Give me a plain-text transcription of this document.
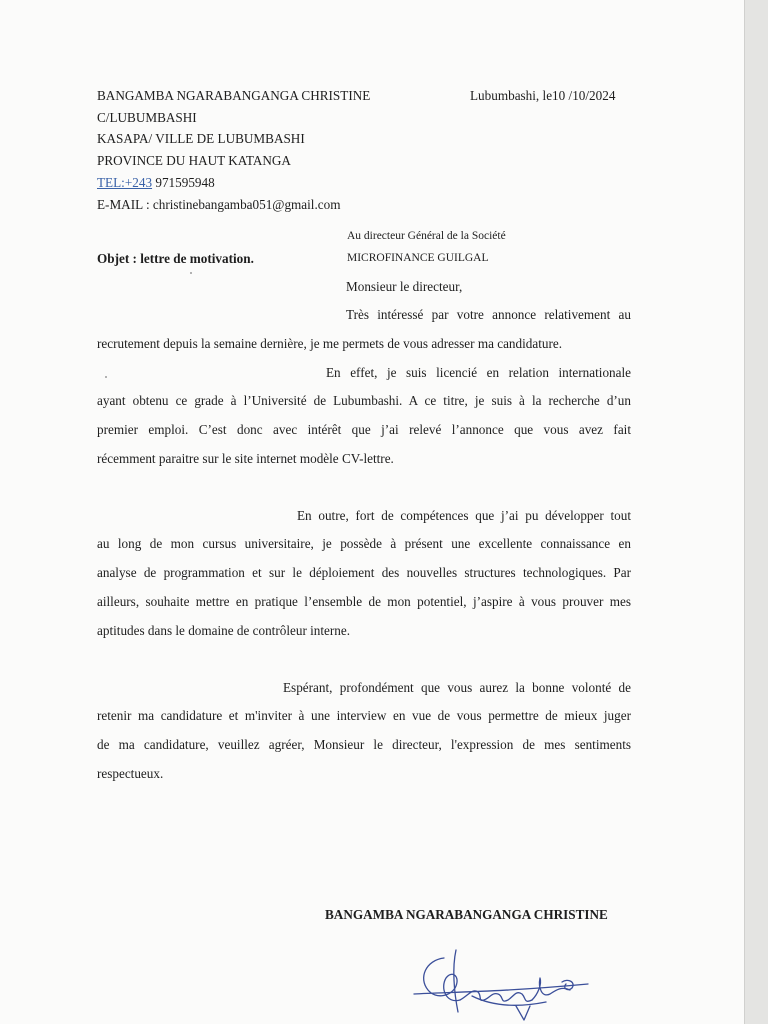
BANGAMBA NGARABANGANGA CHRISTINE
C/LUBUMBASHI
KASAPA/ VILLE DE LUBUMBASHI
PROVINCE DU HAUT KATANGA
TEL:+243 971595948
E-MAIL : christinebangamba051@gmail.com
Lubumbashi, le10 /10/2024
Au directeur Général de la Société
MICROFINANCE GUILGAL
Objet : lettre de motivation.
Monsieur le directeur,
Très intéressé par votre annonce relativement au
recrutement depuis la semaine dernière, je me permets de vous adresser ma candidature.
En effet, je suis licencié en relation internationale
ayant obtenu ce grade à l’Université de Lubumbashi. A ce titre, je suis à la recherche d’un
premier emploi. C’est donc avec intérêt que j’ai relevé l’annonce que vous avez fait
récemment paraitre sur le site internet modèle CV-lettre.
En outre, fort de compétences que j’ai pu développer tout
au long de mon cursus universitaire, je possède à présent une excellente connaissance en
analyse de programmation et sur le déploiement des nouvelles structures technologiques. Par
ailleurs, souhaite mettre en pratique l’ensemble de mon potentiel, j’aspire à vous prouver mes
aptitudes dans le domaine de contrôleur interne.
Espérant, profondément que vous aurez la bonne volonté de
retenir ma candidature et m'inviter à une interview en vue de vous permettre de mieux juger
de ma candidature, veuillez agréer, Monsieur le directeur, l'expression de mes sentiments
respectueux.
BANGAMBA NGARABANGANGA CHRISTINE
